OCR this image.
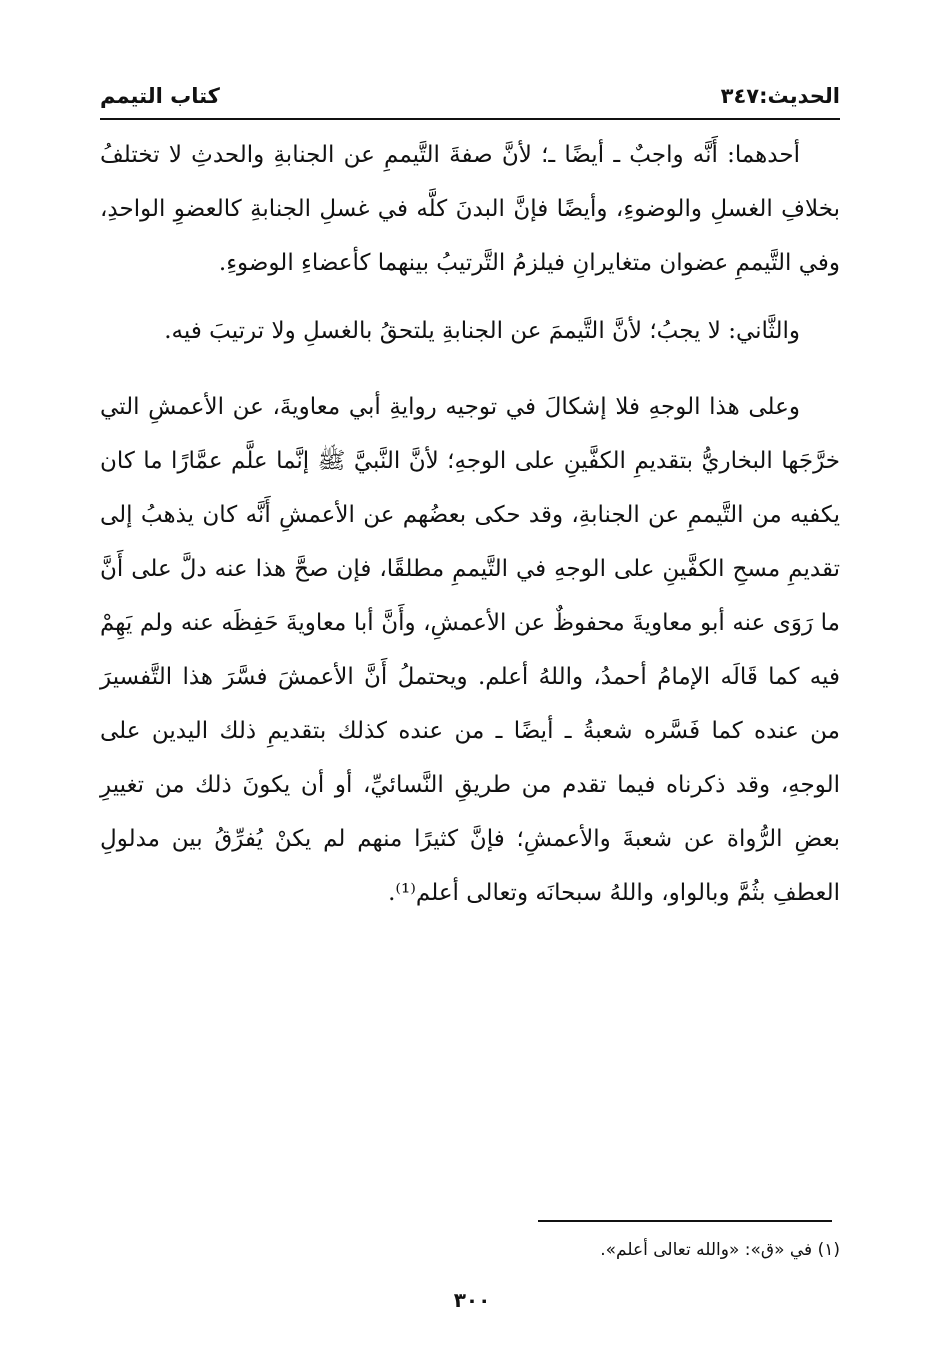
الحديث:٣٤٧
كتاب التيمم

أحدهما: أَنَّه واجبٌ ـ أيضًا ـ؛ لأنَّ صفةَ التَّيممِ عن الجنابةِ والحدثِ لا تختلفُ بخلافِ الغسلِ والوضوءِ، وأيضًا فإنَّ البدنَ كلَّه في غسلِ الجنابةِ كالعضوِ الواحدِ، وفي التَّيممِ عضوان متغايرانِ فيلزمُ التَّرتيبُ بينهما كأعضاءِ الوضوءِ.

والثَّاني: لا يجبُ؛ لأنَّ التَّيممَ عن الجنابةِ يلتحقُ بالغسلِ ولا ترتيبَ فيه.

وعلى هذا الوجهِ فلا إشكالَ في توجيه روايةِ أبي معاويةَ، عن الأعمشِ التي خرَّجَها البخاريُّ بتقديمِ الكفَّينِ على الوجهِ؛ لأنَّ النَّبيَّ ﷺ إنَّما علَّم عمَّارًا ما كان يكفيه من التَّيممِ عن الجنابةِ، وقد حكى بعضُهم عن الأعمشِ أَنَّه كان يذهبُ إلى تقديمِ مسحِ الكفَّينِ على الوجهِ في التَّيممِ مطلقًا، فإن صحَّ هذا عنه دلَّ على أَنَّ ما رَوَى عنه أبو معاويةَ محفوظٌ عن الأعمشِ، وأَنَّ أبا معاويةَ حَفِظَه عنه ولم يَهِمْ فيه كما قَالَه الإمامُ أحمدُ، واللهُ أعلم. ويحتملُ أَنَّ الأعمشَ فسَّرَ هذا التَّفسيرَ من عنده كما فَسَّره شعبةُ ـ أيضًا ـ من عنده كذلك بتقديمِ ذلك اليدين على الوجهِ، وقد ذكرناه فيما تقدم من طريقِ النَّسائيِّ، أو أن يكونَ ذلك من تغييرِ بعضِ الرُّواة عن شعبةَ والأعمشِ؛ فإنَّ كثيرًا منهم لم يكنْ يُفرِّقُ بين مدلولِ العطفِ بثُمَّ وبالواو، واللهُ سبحانَه وتعالى أعلم⁽¹⁾.

(١) في «ق»: «والله تعالى أعلم».
٣٠٠
